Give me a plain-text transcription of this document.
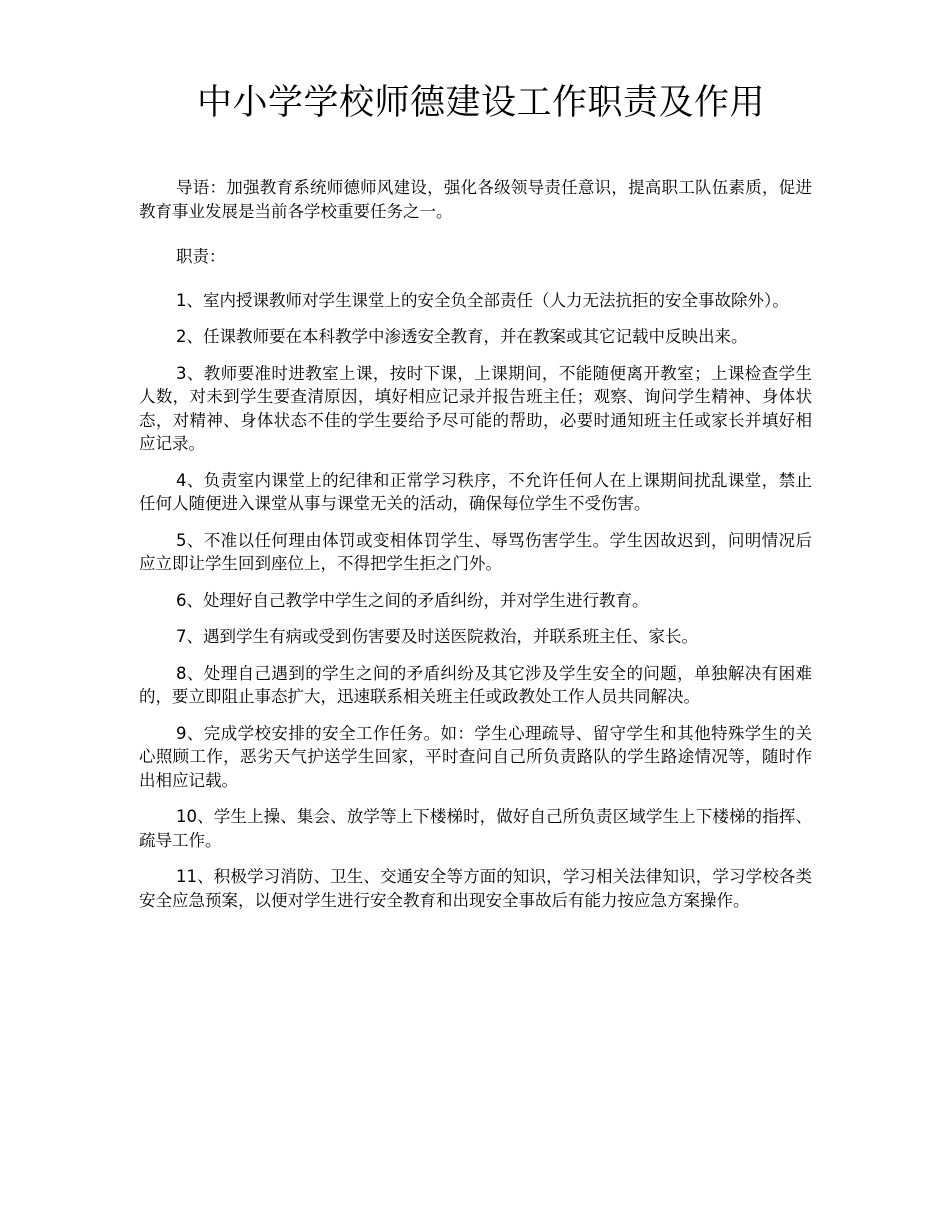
中小学学校师德建设工作职责及作用

导语：加强教育系统师德师风建设，强化各级领导责任意识，提高职工队伍素质，促进教育事业发展是当前各学校重要任务之一。

职责：

1、室内授课教师对学生课堂上的安全负全部责任（人力无法抗拒的安全事故除外）。

2、任课教师要在本科教学中渗透安全教育，并在教案或其它记载中反映出来。

3、教师要准时进教室上课，按时下课，上课期间，不能随便离开教室；上课检查学生人数，对未到学生要查清原因，填好相应记录并报告班主任；观察、询问学生精神、身体状态，对精神、身体状态不佳的学生要给予尽可能的帮助，必要时通知班主任或家长并填好相应记录。

4、负责室内课堂上的纪律和正常学习秩序，不允许任何人在上课期间扰乱课堂，禁止任何人随便进入课堂从事与课堂无关的活动，确保每位学生不受伤害。

5、不准以任何理由体罚或变相体罚学生、辱骂伤害学生。学生因故迟到，问明情况后应立即让学生回到座位上，不得把学生拒之门外。

6、处理好自己教学中学生之间的矛盾纠纷，并对学生进行教育。

7、遇到学生有病或受到伤害要及时送医院救治，并联系班主任、家长。

8、处理自己遇到的学生之间的矛盾纠纷及其它涉及学生安全的问题，单独解决有困难的，要立即阻止事态扩大，迅速联系相关班主任或政教处工作人员共同解决。

9、完成学校安排的安全工作任务。如：学生心理疏导、留守学生和其他特殊学生的关心照顾工作，恶劣天气护送学生回家，平时查问自己所负责路队的学生路途情况等，随时作出相应记载。

10、学生上操、集会、放学等上下楼梯时，做好自己所负责区域学生上下楼梯的指挥、疏导工作。

11、积极学习消防、卫生、交通安全等方面的知识，学习相关法律知识，学习学校各类安全应急预案，以便对学生进行安全教育和出现安全事故后有能力按应急方案操作。
